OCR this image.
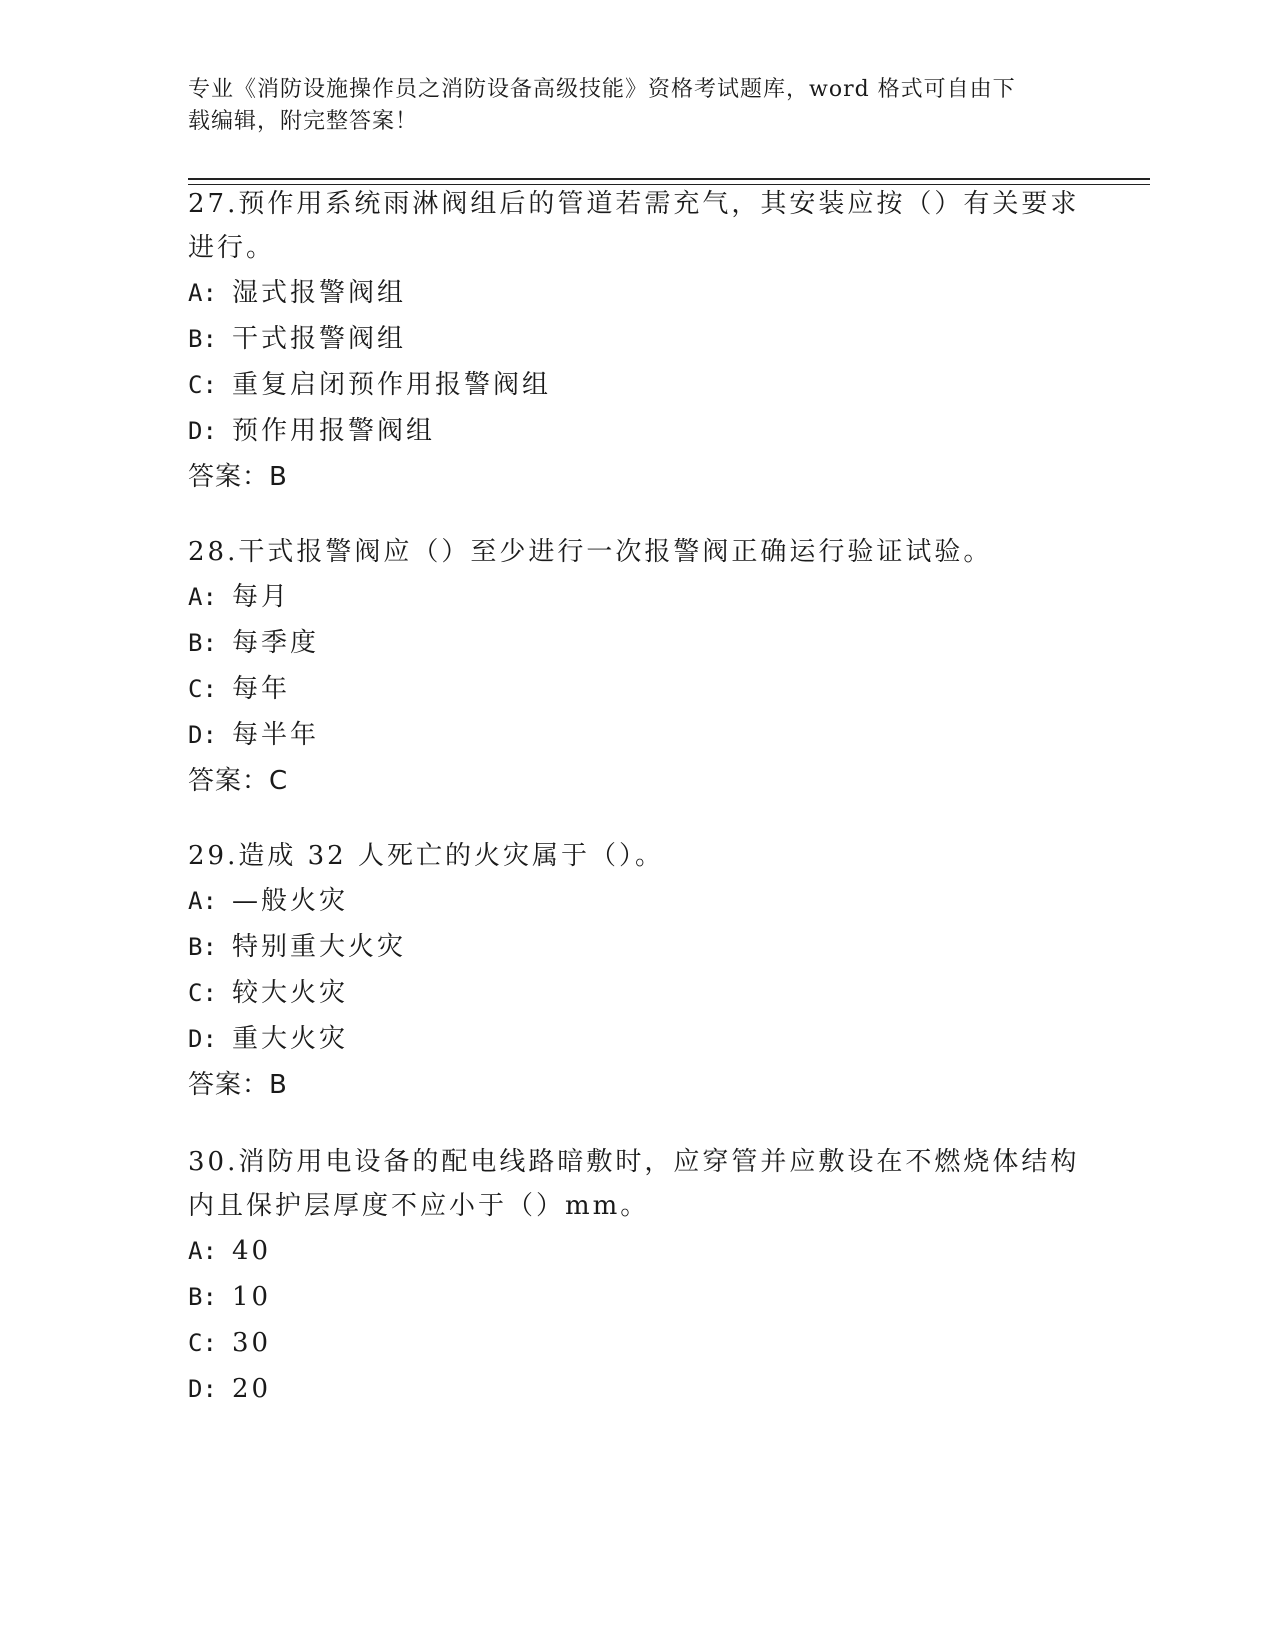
专业《消防设施操作员之消防设备高级技能》资格考试题库，word 格式可自由下
载编辑，附完整答案！

27.预作用系统雨淋阀组后的管道若需充气，其安装应按（）有关要求进行。

A: 湿式报警阀组
B: 干式报警阀组
C: 重复启闭预作用报警阀组
D: 预作用报警阀组
答案：B

28.干式报警阀应（）至少进行一次报警阀正确运行验证试验。

A: 每月
B: 每季度
C: 每年
D: 每半年
答案：C

29.造成 32 人死亡的火灾属于（）。

A: —般火灾
B: 特别重大火灾
C: 较大火灾
D: 重大火灾
答案：B

30.消防用电设备的配电线路暗敷时，应穿管并应敷设在不燃烧体结构内且保护层厚度不应小于（）mm。

A: 40
B: 10
C: 30
D: 20
